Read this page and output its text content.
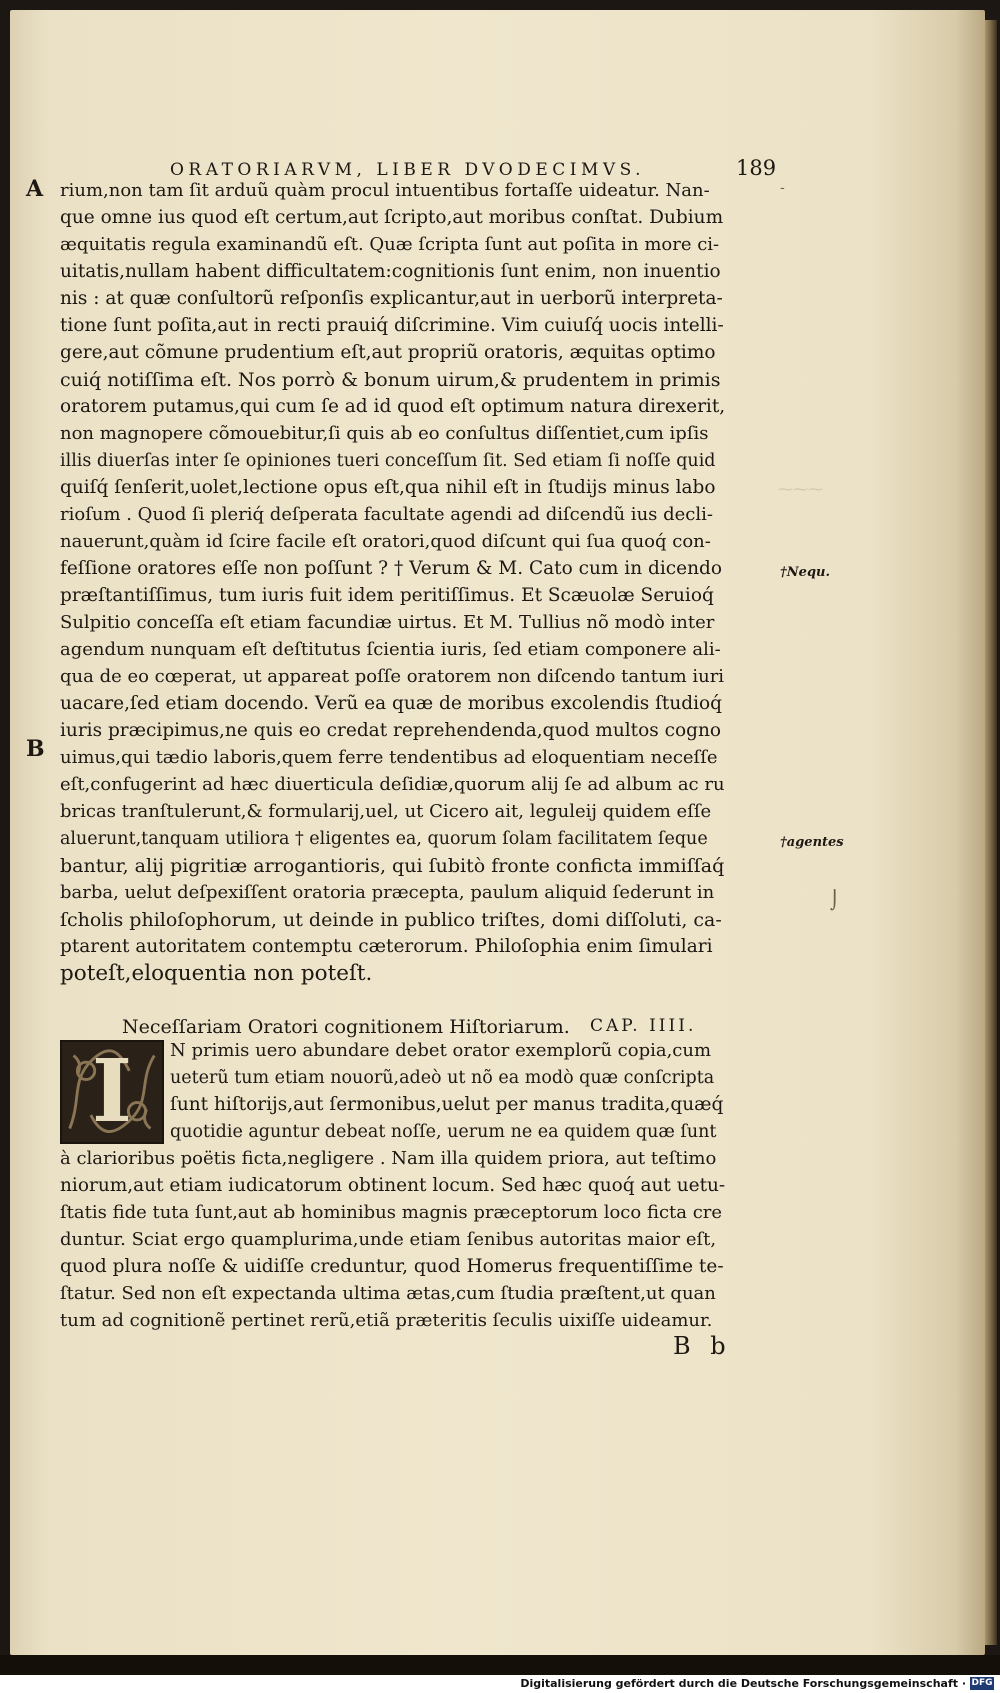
ORATORIARVM, LIBER DVODECIMVS.	189
A
B
rium,non tam ſit arduũ quàm procul intuentibus fortaſſe uideatur. Nan-
que omne ius quod eſt certum,aut ſcripto,aut moribus conſtat. Dubium
æquitatis regula examinandũ eſt. Quæ ſcripta ſunt aut poſita in more ci-
uitatis,nullam habent difficultatem:cognitionis ſunt enim, non inuentio
nis : at quæ conſultorũ reſponſis explicantur,aut in uerborũ interpreta-
tione ſunt poſita,aut in recti prauiq́ diſcrimine. Vim cuiuſq́ uocis intelli-
gere,aut cõmune prudentium eſt,aut propriũ oratoris, æquitas optimo
cuiq́ notiſſima eſt. Nos porrò & bonum uirum,& prudentem in primis
oratorem putamus,qui cum ſe ad id quod eſt optimum natura direxerit,
non magnopere cõmouebitur,ſi quis ab eo conſultus diſſentiet,cum ipſis
illis diuerſas inter ſe opiniones tueri conceſſum ſit. Sed etiam ſi noſſe quid
quiſq́ ſenſerit,uolet,lectione opus eſt,qua nihil eſt in ſtudijs minus labo
rioſum . Quod ſi pleriq́ deſperata facultate agendi ad diſcendũ ius decli-
nauerunt,quàm id ſcire facile eſt oratori,quod diſcunt qui ſua quoq́ con-
feſſione oratores eſſe non poſſunt ? † Verum & M. Cato cum in dicendo
præſtantiſſimus, tum iuris fuit idem peritiſſimus. Et Scæuolæ Seruioq́
Sulpitio conceſſa eſt etiam facundiæ uirtus. Et M. Tullius nõ modò inter
agendum nunquam eſt deſtitutus ſcientia iuris, ſed etiam componere ali-
qua de eo cœperat, ut appareat poſſe oratorem non diſcendo tantum iuri
uacare,ſed etiam docendo. Verũ ea quæ de moribus excolendis ſtudioq́
iuris præcipimus,ne quis eo credat reprehendenda,quod multos cogno
uimus,qui tædio laboris,quem ferre tendentibus ad eloquentiam neceſſe
eſt,confugerint ad hæc diuerticula deſidiæ,quorum alij ſe ad album ac ru
bricas tranſtulerunt,& formularij,uel, ut Cicero ait, leguleij quidem eſſe
aluerunt,tanquam utiliora † eligentes ea, quorum ſolam facilitatem ſeque
bantur, alij pigritiæ arrogantioris, qui ſubitò fronte conficta immiſſaq́
barba, uelut deſpexiſſent oratoria præcepta, paulum aliquid ſederunt in
ſcholis philoſophorum, ut deinde in publico triſtes, domi diſſoluti, ca-
ptarent autoritatem contemptu cæterorum. Philoſophia enim ſimulari
poteſt,eloquentia non poteſt.
†Nequ.
†agentes
⁓⁓⁓
⌡
-
Neceſſariam Oratori cognitionem Hiſtoriarum. CAP. IIII.
I	N primis uero abundare debet orator exemplorũ copia,cum
ueterũ tum etiam nouorũ,adeò ut nõ ea modò quæ conſcripta
ſunt hiſtorijs,aut ſermonibus,uelut per manus tradita,quæq́
quotidie aguntur debeat noſſe, uerum ne ea quidem quæ ſunt
à clarioribus poëtis ficta,negligere . Nam illa quidem priora, aut teſtimo
niorum,aut etiam iudicatorum obtinent locum. Sed hæc quoq́ aut uetu-
ſtatis fide tuta ſunt,aut ab hominibus magnis præceptorum loco ficta cre
duntur. Sciat ergo quamplurima,unde etiam ſenibus autoritas maior eſt,
quod plura noſſe & uidiſſe creduntur, quod Homerus frequentiſſime te-
ſtatur. Sed non eſt expectanda ultima ætas,cum ſtudia præſtent,ut quan
tum ad cognitionẽ pertinet rerũ,etiã præteritis ſeculis uixiſſe uideamur.
B b
Digitalisierung gefördert durch die Deutsche Forschungsgemeinschaft · DFG
